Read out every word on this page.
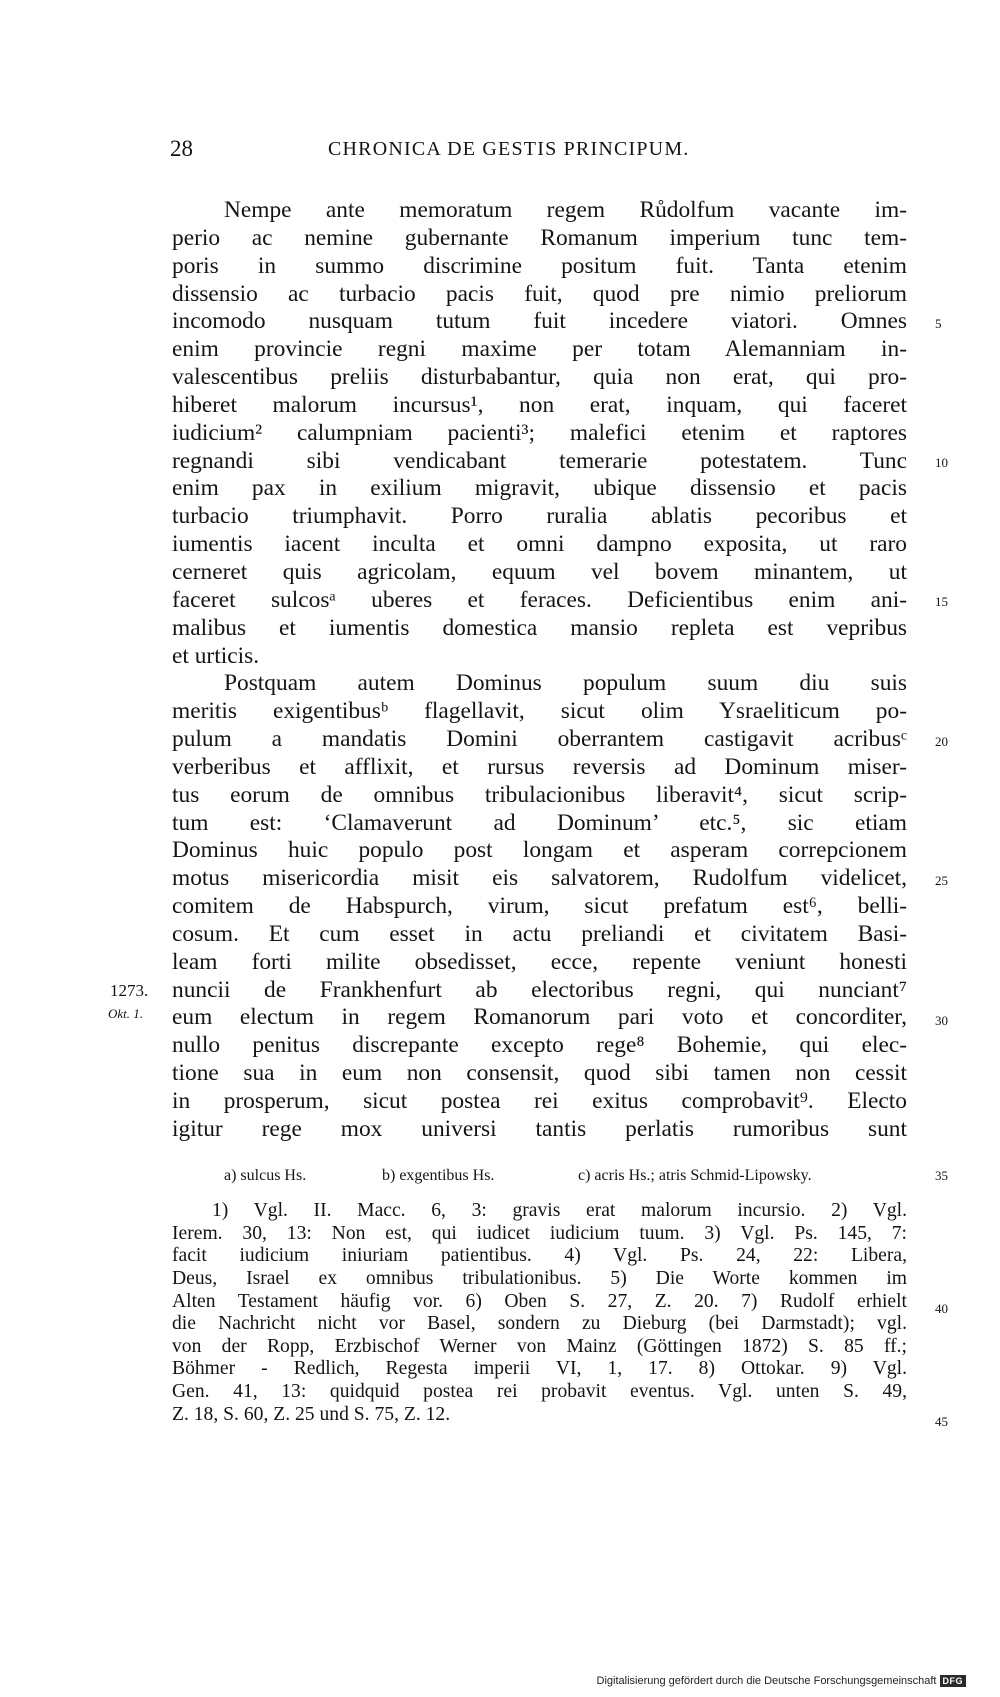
28	CHRONICA DE GESTIS PRINCIPUM.
Nempe ante memoratum regem Růdolfum vacante im-
perio ac nemine gubernante Romanum imperium tunc tem-
poris in summo discrimine positum fuit. Tanta etenim
dissensio ac turbacio pacis fuit, quod pre nimio preliorum
incomodo nusquam tutum fuit incedere viatori. Omnes
enim provincie regni maxime per totam Alemanniam in-
valescentibus preliis disturbabantur, quia non erat, qui pro-
hiberet malorum incursus¹, non erat, inquam, qui faceret
iudicium² calumpniam pacienti³; malefici etenim et raptores
regnandi sibi vendicabant temerarie potestatem. Tunc
enim pax in exilium migravit, ubique dissensio et pacis
turbacio triumphavit. Porro ruralia ablatis pecoribus et
iumentis iacent inculta et omni dampno exposita, ut raro
cerneret quis agricolam, equum vel bovem minantem, ut
faceret sulcosᵃ uberes et feraces. Deficientibus enim ani-
malibus et iumentis domestica mansio repleta est vepribus
et urticis.
Postquam autem Dominus populum suum diu suis
meritis exigentibusᵇ flagellavit, sicut olim Ysraeliticum po-
pulum a mandatis Domini oberrantem castigavit acribusᶜ
verberibus et afflixit, et rursus reversis ad Dominum miser-
tus eorum de omnibus tribulacionibus liberavit⁴, sicut scrip-
tum est: ‘Clamaverunt ad Dominum’ etc.⁵, sic etiam
Dominus huic populo post longam et asperam correpcionem
motus misericordia misit eis salvatorem, Rudolfum videlicet,
comitem de Habspurch, virum, sicut prefatum est⁶, belli-
cosum. Et cum esset in actu preliandi et civitatem Basi-
leam forti milite obsedisset, ecce, repente veniunt honesti
nuncii de Frankhenfurt ab electoribus regni, qui nunciant⁷
eum electum in regem Romanorum pari voto et concorditer,
nullo penitus discrepante excepto rege⁸ Bohemie, qui elec-
tione sua in eum non consensit, quod sibi tamen non cessit
in prosperum, sicut postea rei exitus comprobavit⁹. Electo
igitur rege mox universi tantis perlatis rumoribus sunt
5
10
15
20
25
30
35
40
45
1273.
Okt. 1.
a) sulcus Hs.	b) exgentibus Hs.	c) acris Hs.; atris Schmid-Lipowsky.
1) Vgl. II. Macc. 6, 3: gravis erat malorum incursio. 2) Vgl.
Ierem. 30, 13: Non est, qui iudicet iudicium tuum. 3) Vgl. Ps. 145, 7:
facit iudicium iniuriam patientibus. 4) Vgl. Ps. 24, 22: Libera,
Deus, Israel ex omnibus tribulationibus. 5) Die Worte kommen im
Alten Testament häufig vor. 6) Oben S. 27, Z. 20. 7) Rudolf erhielt
die Nachricht nicht vor Basel, sondern zu Dieburg (bei Darmstadt); vgl.
von der Ropp, Erzbischof Werner von Mainz (Göttingen 1872) S. 85 ff.;
Böhmer - Redlich, Regesta imperii VI, 1, 17. 8) Ottokar. 9) Vgl.
Gen. 41, 13: quidquid postea rei probavit eventus. Vgl. unten S. 49,
Z. 18, S. 60, Z. 25 und S. 75, Z. 12.
Digitalisierung gefördert durch die Deutsche Forschungsgemeinschaft DFG
